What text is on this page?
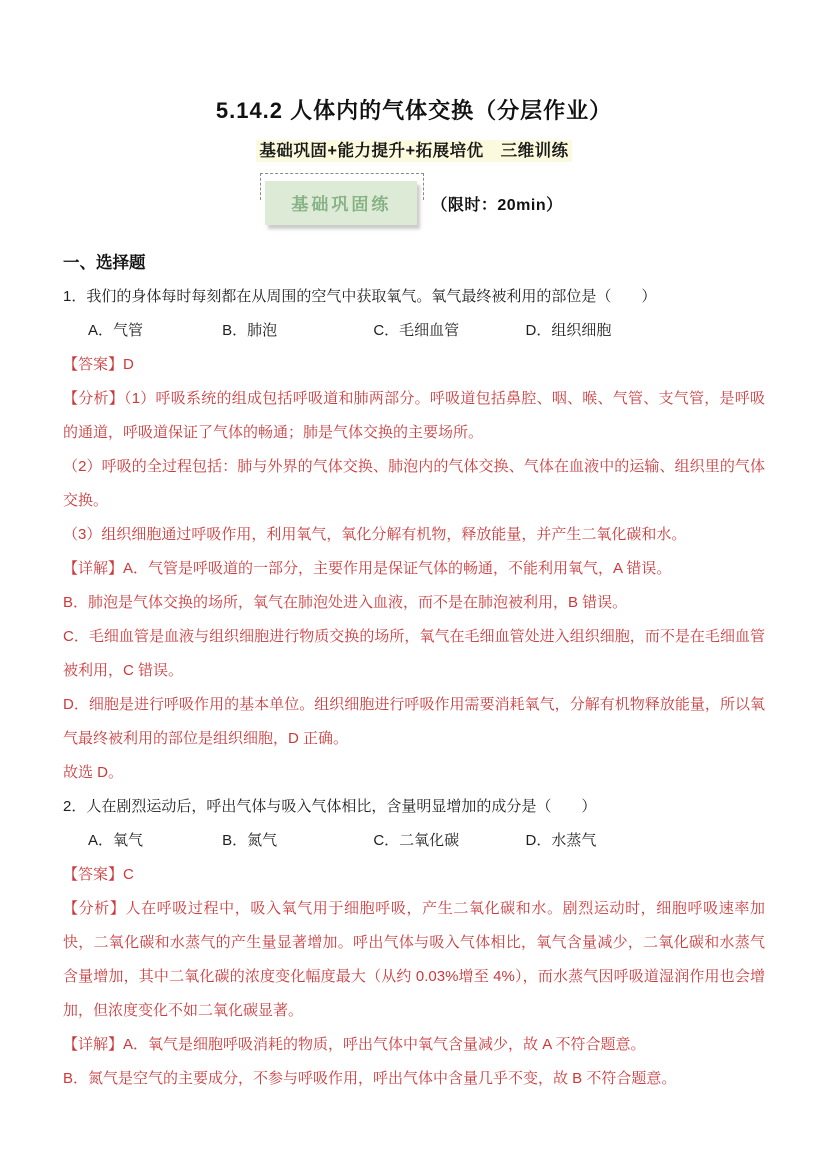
5.14.2 人体内的气体交换（分层作业）
基础巩固+能力提升+拓展培优　三维训练
基础巩固练	（限时：20min）
一、选择题

1．我们的身体每时每刻都在从周围的空气中获取氧气。氧气最终被利用的部位是（　　）

A．气管	B．肺泡	C．毛细血管	D．组织细胞

【答案】D

【分析】（1）呼吸系统的组成包括呼吸道和肺两部分。呼吸道包括鼻腔、咽、喉、气管、支气管，是呼吸的通道，呼吸道保证了气体的畅通；肺是气体交换的主要场所。

（2）呼吸的全过程包括：肺与外界的气体交换、肺泡内的气体交换、气体在血液中的运输、组织里的气体交换。

（3）组织细胞通过呼吸作用，利用氧气，氧化分解有机物，释放能量，并产生二氧化碳和水。

【详解】A．气管是呼吸道的一部分，主要作用是保证气体的畅通，不能利用氧气，A 错误。

B．肺泡是气体交换的场所，氧气在肺泡处进入血液，而不是在肺泡被利用，B 错误。

C．毛细血管是血液与组织细胞进行物质交换的场所，氧气在毛细血管处进入组织细胞，而不是在毛细血管被利用，C 错误。

D．细胞是进行呼吸作用的基本单位。组织细胞进行呼吸作用需要消耗氧气，分解有机物释放能量，所以氧气最终被利用的部位是组织细胞，D 正确。

故选 D。

2．人在剧烈运动后，呼出气体与吸入气体相比，含量明显增加的成分是（　　）

A．氧气	B．氮气	C．二氧化碳	D．水蒸气

【答案】C

【分析】人在呼吸过程中，吸入氧气用于细胞呼吸，产生二氧化碳和水。剧烈运动时，细胞呼吸速率加快，二氧化碳和水蒸气的产生量显著增加。呼出气体与吸入气体相比，氧气含量减少，二氧化碳和水蒸气含量增加，其中二氧化碳的浓度变化幅度最大（从约 0.03%增至 4%），而水蒸气因呼吸道湿润作用也会增加，但浓度变化不如二氧化碳显著。

【详解】A．氧气是细胞呼吸消耗的物质，呼出气体中氧气含量减少，故 A 不符合题意。

B．氮气是空气的主要成分，不参与呼吸作用，呼出气体中含量几乎不变，故 B 不符合题意。
